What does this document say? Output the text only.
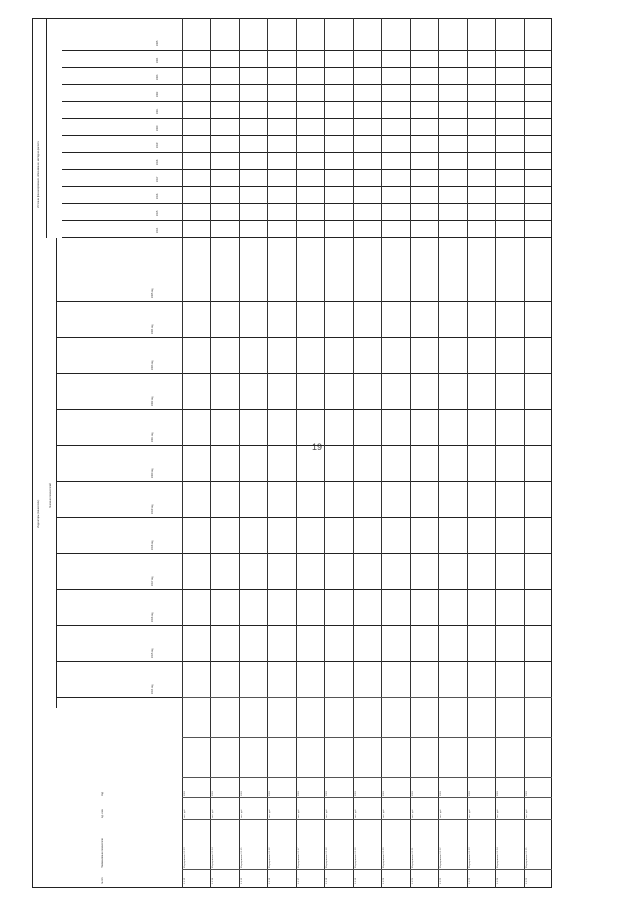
19
№ п/п
Наименование показателя
Ед. изм.
Код
Индикаторы (показатели)
Значения показателей
Источник финансирования, обоснование, методика расчета
2014 год
2015 год
2016 год
2017 год
2018 год
2019 год
2020 год
2021 год
2022 год
2023 год
2024 год
2025 год
2014
2015
2016
2017
2018
2019
2020
2021
2022
2023
2024
2025
1.1.13
Мероприятие 1.1.13
тыс. руб.
1001
1.1.14
Мероприятие 1.1.14
тыс. руб.
1001
1.1.15
Мероприятие 1.1.15
тыс. руб.
1001
1.1.16
Мероприятие 1.1.16
тыс. руб.
1001
1.1.17
Мероприятие 1.1.17
тыс. руб.
1001
1.1.18
Мероприятие 1.1.18
тыс. руб.
1001
1.1.19
Мероприятие 1.1.19
тыс. руб.
1001
1.1.20
Мероприятие 1.1.20
тыс. руб.
1001
1.1.21
Мероприятие 1.1.21
тыс. руб.
1001
1.1.22
Мероприятие 1.1.22
тыс. руб.
1001
1.1.23
Мероприятие 1.1.23
тыс. руб.
1001
1.1.24
Мероприятие 1.1.24
тыс. руб.
1001
1.1.25
Мероприятие 1.1.25
тыс. руб.
1001
